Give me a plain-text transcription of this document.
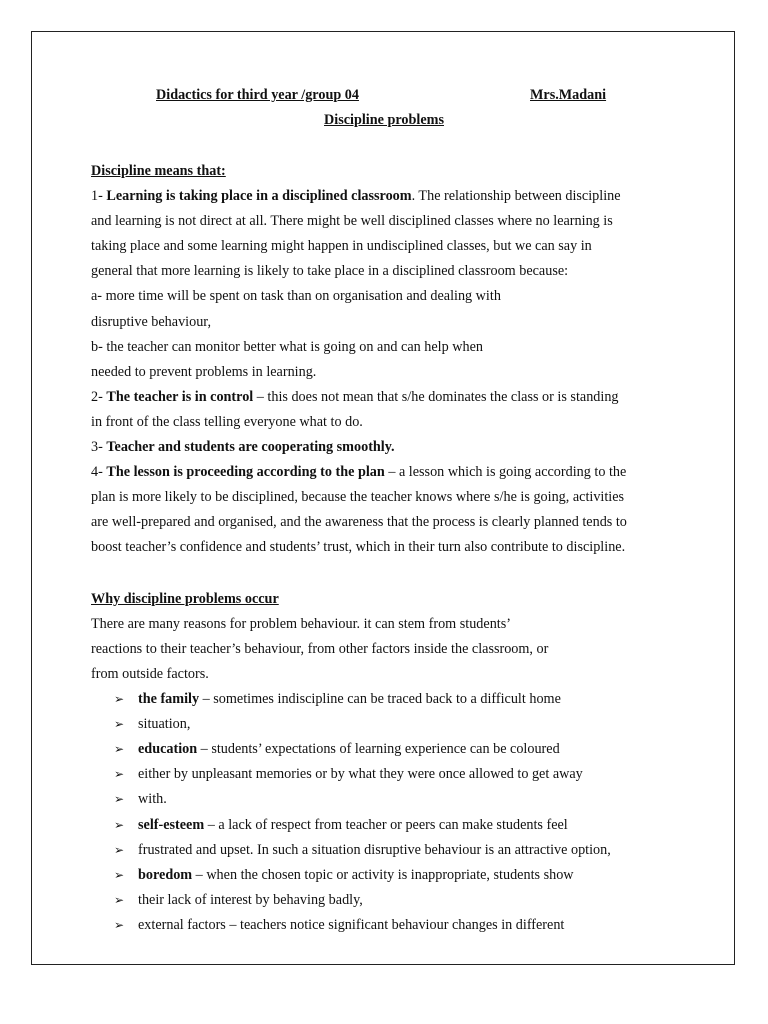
Didactics for third year /group 04	Mrs.Madani
Discipline problems
Discipline means that:
1- Learning is taking place in a disciplined classroom. The relationship between discipline
and learning is not direct at all. There might be well disciplined classes where no learning is
taking place and some learning might happen in undisciplined classes, but we can say in
general that more learning is likely to take place in a disciplined classroom because:
a- more time will be spent on task than on organisation and dealing with
disruptive behaviour,
b- the teacher can monitor better what is going on and can help when
needed to prevent problems in learning.
2- The teacher is in control – this does not mean that s/he dominates the class or is standing
in front of the class telling everyone what to do.
3- Teacher and students are cooperating smoothly.
4- The lesson is proceeding according to the plan – a lesson which is going according to the
plan is more likely to be disciplined, because the teacher knows where s/he is going, activities
are well-prepared and organised, and the awareness that the process is clearly planned tends to
boost teacher’s confidence and students’ trust, which in their turn also contribute to discipline.
Why discipline problems occur
There are many reasons for problem behaviour. it can stem from students’
reactions to their teacher’s behaviour, from other factors inside the classroom, or
from outside factors.
➢ the family – sometimes indiscipline can be traced back to a difficult home
➢ situation,
➢ education – students’ expectations of learning experience can be coloured
➢ either by unpleasant memories or by what they were once allowed to get away
➢ with.
➢ self-esteem – a lack of respect from teacher or peers can make students feel
➢ frustrated and upset. In such a situation disruptive behaviour is an attractive option,
➢ boredom – when the chosen topic or activity is inappropriate, students show
➢ their lack of interest by behaving badly,
➢ external factors – teachers notice significant behaviour changes in different
